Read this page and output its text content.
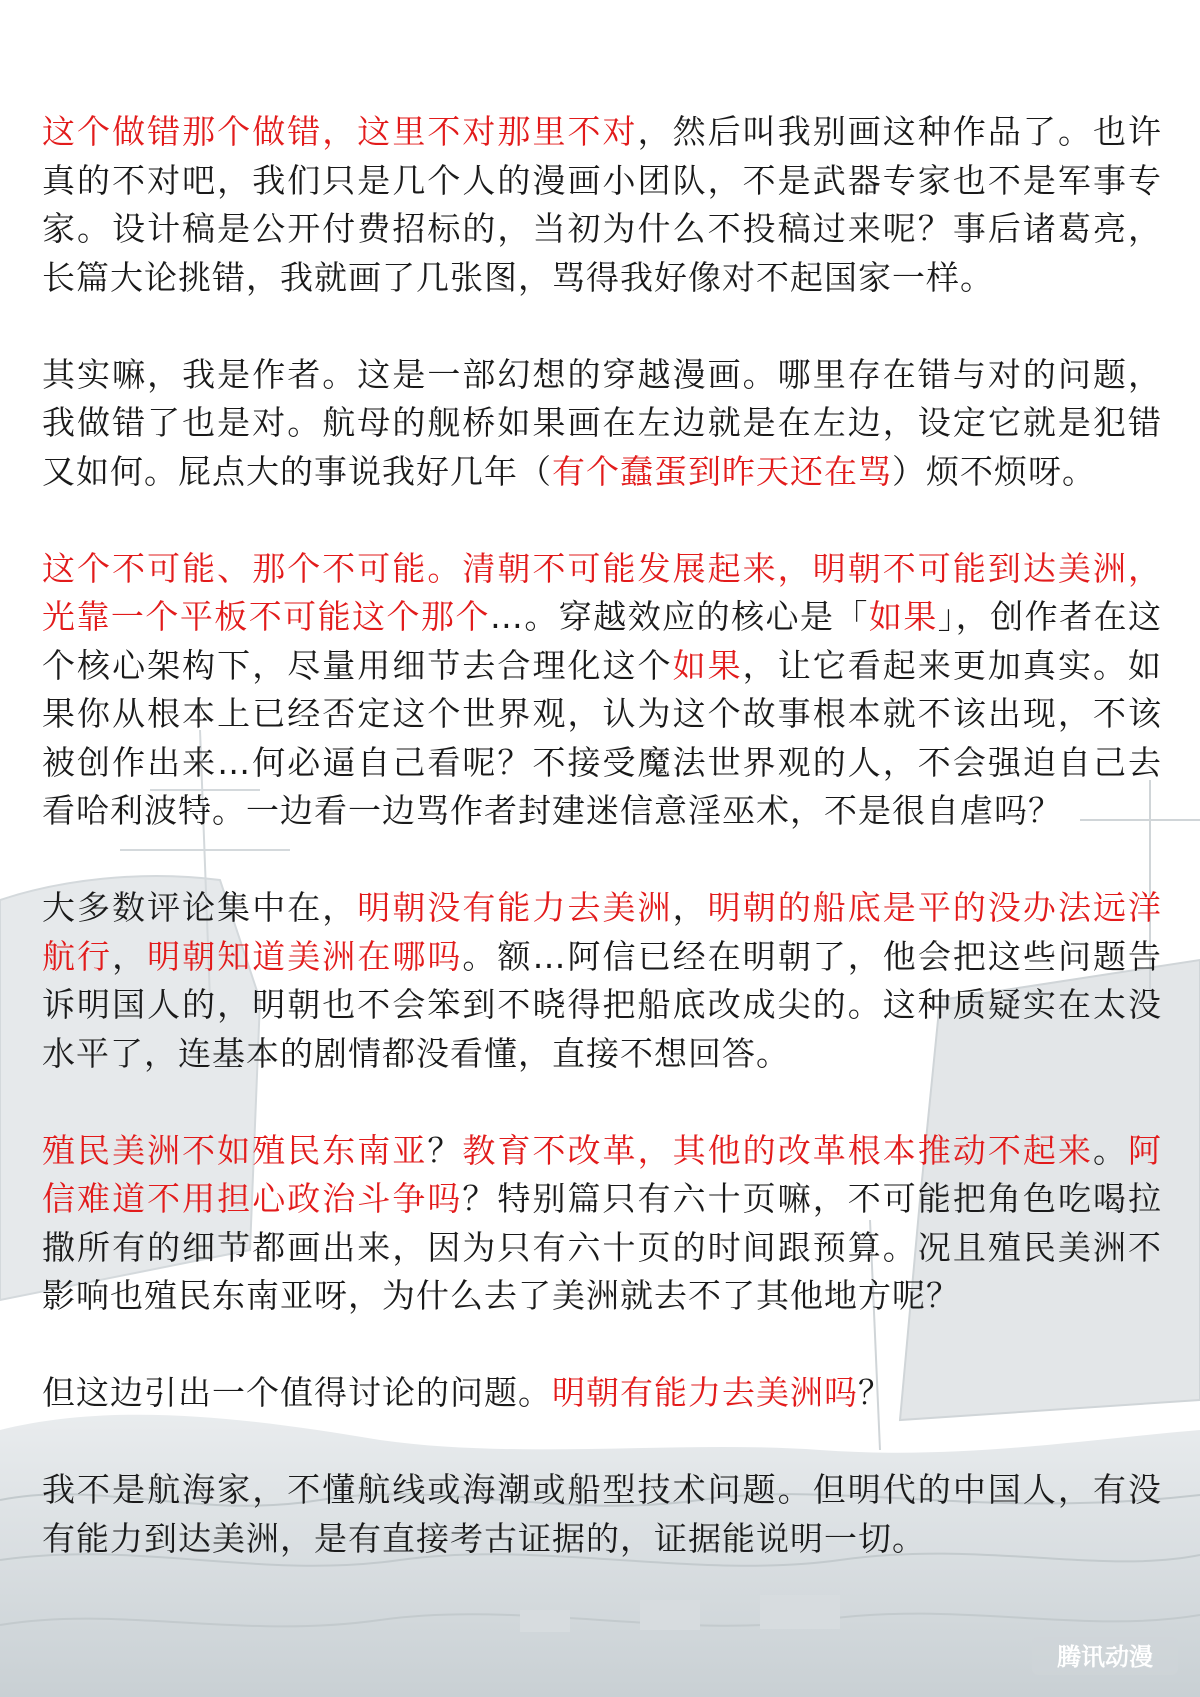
这个做错那个做错，这里不对那里不对，然后叫我别画这种作品了。也许真的不对吧，我们只是几个人的漫画小团队，不是武器专家也不是军事专家。设计稿是公开付费招标的，当初为什么不投稿过来呢？事后诸葛亮，长篇大论挑错，我就画了几张图，骂得我好像对不起国家一样。

其实嘛，我是作者。这是一部幻想的穿越漫画。哪里存在错与对的问题，我做错了也是对。航母的舰桥如果画在左边就是在左边，设定它就是犯错又如何。屁点大的事说我好几年（有个蠢蛋到昨天还在骂）烦不烦呀。

这个不可能、那个不可能。清朝不可能发展起来，明朝不可能到达美洲，光靠一个平板不可能这个那个…。穿越效应的核心是「如果」，创作者在这个核心架构下，尽量用细节去合理化这个如果，让它看起来更加真实。如果你从根本上已经否定这个世界观，认为这个故事根本就不该出现，不该被创作出来…何必逼自己看呢？不接受魔法世界观的人，不会强迫自己去看哈利波特。一边看一边骂作者封建迷信意淫巫术，不是很自虐吗？

大多数评论集中在，明朝没有能力去美洲，明朝的船底是平的没办法远洋航行，明朝知道美洲在哪吗。额…阿信已经在明朝了，他会把这些问题告诉明国人的，明朝也不会笨到不晓得把船底改成尖的。这种质疑实在太没水平了，连基本的剧情都没看懂，直接不想回答。

殖民美洲不如殖民东南亚？教育不改革，其他的改革根本推动不起来。阿信难道不用担心政治斗争吗？特别篇只有六十页嘛，不可能把角色吃喝拉撒所有的细节都画出来，因为只有六十页的时间跟预算。况且殖民美洲不影响也殖民东南亚呀，为什么去了美洲就去不了其他地方呢？

但这边引出一个值得讨论的问题。明朝有能力去美洲吗？

我不是航海家，不懂航线或海潮或船型技术问题。但明代的中国人，有没有能力到达美洲，是有直接考古证据的，证据能说明一切。

腾讯动漫
